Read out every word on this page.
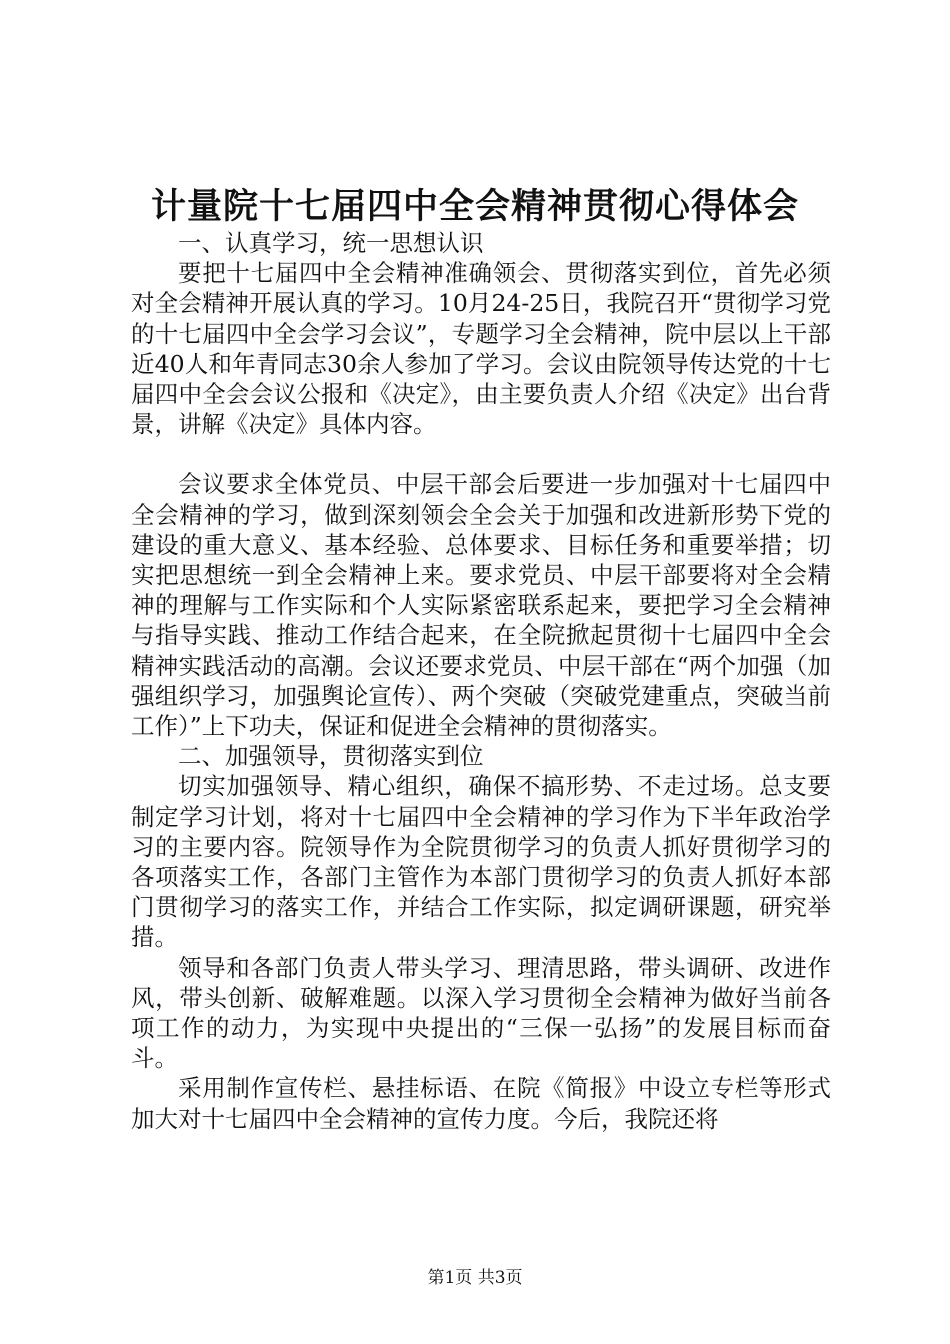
计量院十七届四中全会精神贯彻心得体会

一、认真学习，统一思想认识

要把十七届四中全会精神准确领会、贯彻落实到位，首先必须对全会精神开展认真的学习。10月24-25日，我院召开“贯彻学习党的十七届四中全会学习会议”，专题学习全会精神，院中层以上干部近40人和年青同志30余人参加了学习。会议由院领导传达党的十七届四中全会会议公报和《决定》，由主要负责人介绍《决定》出台背景，讲解《决定》具体内容。

会议要求全体党员、中层干部会后要进一步加强对十七届四中全会精神的学习，做到深刻领会全会关于加强和改进新形势下党的建设的重大意义、基本经验、总体要求、目标任务和重要举措；切实把思想统一到全会精神上来。要求党员、中层干部要将对全会精神的理解与工作实际和个人实际紧密联系起来，要把学习全会精神与指导实践、推动工作结合起来，在全院掀起贯彻十七届四中全会精神实践活动的高潮。会议还要求党员、中层干部在“两个加强（加强组织学习，加强舆论宣传）、两个突破（突破党建重点，突破当前工作）”上下功夫，保证和促进全会精神的贯彻落实。

二、加强领导，贯彻落实到位

切实加强领导、精心组织，确保不搞形势、不走过场。总支要制定学习计划，将对十七届四中全会精神的学习作为下半年政治学习的主要内容。院领导作为全院贯彻学习的负责人抓好贯彻学习的各项落实工作，各部门主管作为本部门贯彻学习的负责人抓好本部门贯彻学习的落实工作，并结合工作实际，拟定调研课题，研究举措。

领导和各部门负责人带头学习、理清思路，带头调研、改进作风，带头创新、破解难题。以深入学习贯彻全会精神为做好当前各项工作的动力，为实现中央提出的“三保一弘扬”的发展目标而奋斗。

采用制作宣传栏、悬挂标语、在院《简报》中设立专栏等形式加大对十七届四中全会精神的宣传力度。今后，我院还将

第1页 共3页
